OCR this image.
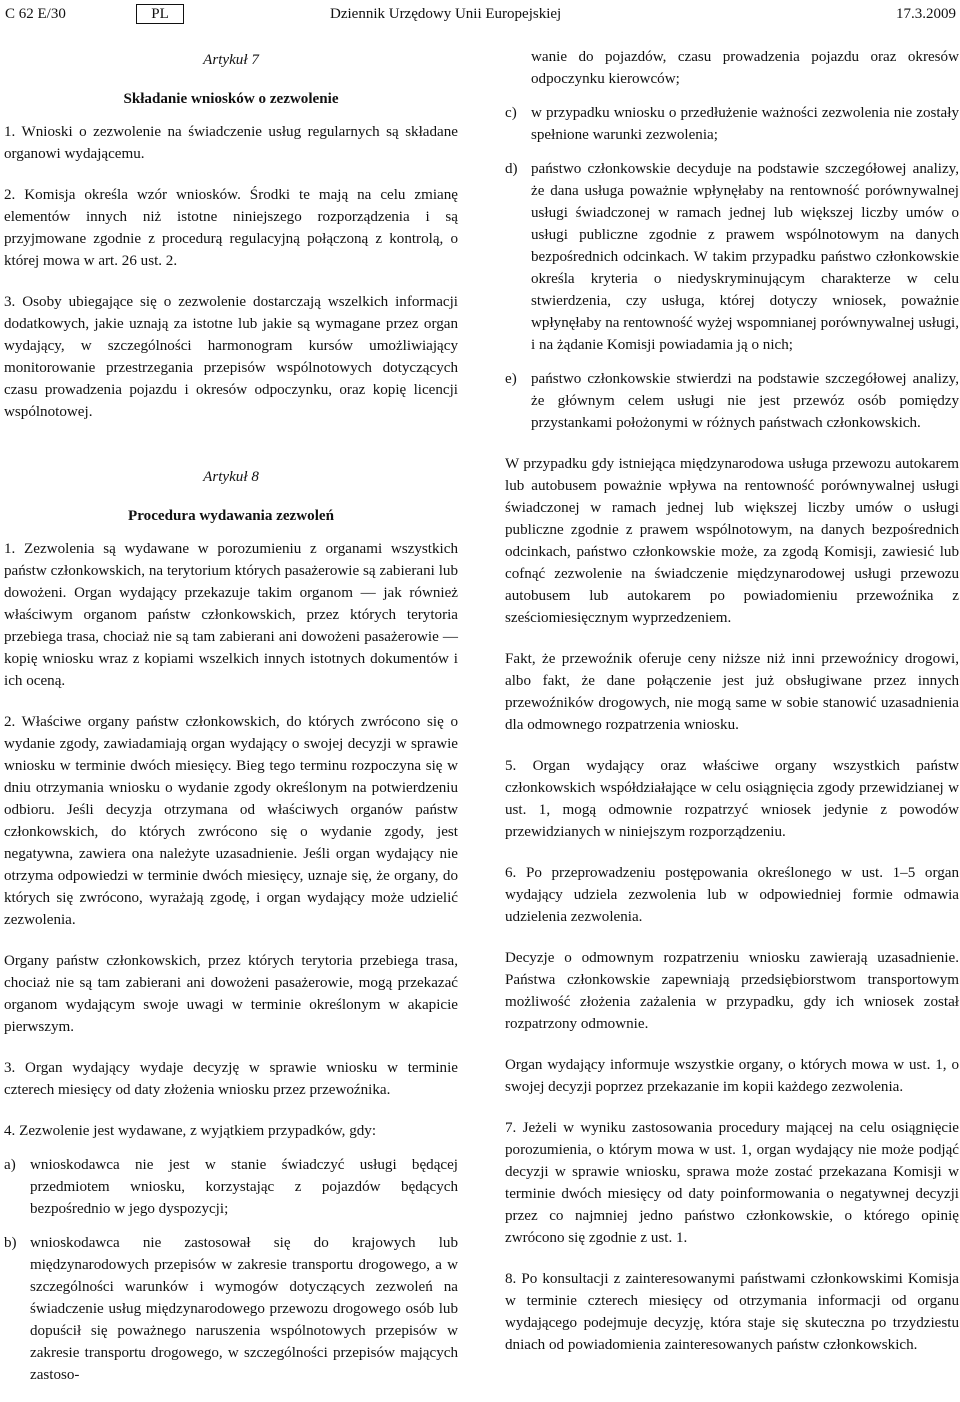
C 62 E/30	PL	Dziennik Urzędowy Unii Europejskiej	17.3.2009

Artykuł 7

Składanie wniosków o zezwolenie

1. Wnioski o zezwolenie na świadczenie usług regularnych są składane organowi wydającemu.

2. Komisja określa wzór wniosków. Środki te mają na celu zmianę elementów innych niż istotne niniejszego rozporządzenia i są przyjmowane zgodnie z procedurą regulacyjną połączoną z kontrolą, o której mowa w art. 26 ust. 2.

3. Osoby ubiegające się o zezwolenie dostarczają wszelkich informacji dodatkowych, jakie uznają za istotne lub jakie są wymagane przez organ wydający, w szczególności harmonogram kursów umożliwiający monitorowanie przestrzegania przepisów wspólnotowych dotyczących czasu prowadzenia pojazdu i okresów odpoczynku, oraz kopię licencji wspólnotowej.

Artykuł 8

Procedura wydawania zezwoleń

1. Zezwolenia są wydawane w porozumieniu z organami wszystkich państw członkowskich, na terytorium których pasażerowie są zabierani lub dowożeni. Organ wydający przekazuje takim organom — jak również właściwym organom państw członkowskich, przez których terytoria przebiega trasa, chociaż nie są tam zabierani ani dowożeni pasażerowie — kopię wniosku wraz z kopiami wszelkich innych istotnych dokumentów i ich oceną.

2. Właściwe organy państw członkowskich, do których zwrócono się o wydanie zgody, zawiadamiają organ wydający o swojej decyzji w sprawie wniosku w terminie dwóch miesięcy. Bieg tego terminu rozpoczyna się w dniu otrzymania wniosku o wydanie zgody określonym na potwierdzeniu odbioru. Jeśli decyzja otrzymana od właściwych organów państw członkowskich, do których zwrócono się o wydanie zgody, jest negatywna, zawiera ona należyte uzasadnienie. Jeśli organ wydający nie otrzyma odpowiedzi w terminie dwóch miesięcy, uznaje się, że organy, do których się zwrócono, wyrażają zgodę, i organ wydający może udzielić zezwolenia.

Organy państw członkowskich, przez których terytoria przebiega trasa, chociaż nie są tam zabierani ani dowożeni pasażerowie, mogą przekazać organom wydającym swoje uwagi w terminie określonym w akapicie pierwszym.

3. Organ wydający wydaje decyzję w sprawie wniosku w terminie czterech miesięcy od daty złożenia wniosku przez przewoźnika.

4. Zezwolenie jest wydawane, z wyjątkiem przypadków, gdy:

a) wnioskodawca nie jest w stanie świadczyć usługi będącej przedmiotem wniosku, korzystając z pojazdów będących bezpośrednio w jego dyspozycji;
b) wnioskodawca nie zastosował się do krajowych lub międzynarodowych przepisów w zakresie transportu drogowego, a w szczególności warunków i wymogów dotyczących zezwoleń na świadczenie usług międzynarodowego przewozu drogowego osób lub dopuścił się poważnego naruszenia wspólnotowych przepisów w zakresie transportu drogowego, w szczególności przepisów mających zastoso-
wanie do pojazdów, czasu prowadzenia pojazdu oraz okresów odpoczynku kierowców;
c) w przypadku wniosku o przedłużenie ważności zezwolenia nie zostały spełnione warunki zezwolenia;
d) państwo członkowskie decyduje na podstawie szczegółowej analizy, że dana usługa poważnie wpłynęłaby na rentowność porównywalnej usługi świadczonej w ramach jednej lub większej liczby umów o usługi publiczne zgodnie z prawem wspólnotowym na danych bezpośrednich odcinkach. W takim przypadku państwo członkowskie określa kryteria o niedyskryminującym charakterze w celu stwierdzenia, czy usługa, której dotyczy wniosek, poważnie wpłynęłaby na rentowność wyżej wspomnianej porównywalnej usługi, i na żądanie Komisji powiadamia ją o nich;
e) państwo członkowskie stwierdzi na podstawie szczegółowej analizy, że głównym celem usługi nie jest przewóz osób pomiędzy przystankami położonymi w różnych państwach członkowskich.

W przypadku gdy istniejąca międzynarodowa usługa przewozu autokarem lub autobusem poważnie wpływa na rentowność porównywalnej usługi świadczonej w ramach jednej lub większej liczby umów o usługi publiczne zgodnie z prawem wspólnotowym, na danych bezpośrednich odcinkach, państwo członkowskie może, za zgodą Komisji, zawiesić lub cofnąć zezwolenie na świadczenie międzynarodowej usługi przewozu autobusem lub autokarem po powiadomieniu przewoźnika z sześciomiesięcznym wyprzedzeniem.

Fakt, że przewoźnik oferuje ceny niższe niż inni przewoźnicy drogowi, albo fakt, że dane połączenie jest już obsługiwane przez innych przewoźników drogowych, nie mogą same w sobie stanowić uzasadnienia dla odmownego rozpatrzenia wniosku.

5. Organ wydający oraz właściwe organy wszystkich państw członkowskich współdziałające w celu osiągnięcia zgody przewidzianej w ust. 1, mogą odmownie rozpatrzyć wniosek jedynie z powodów przewidzianych w niniejszym rozporządzeniu.

6. Po przeprowadzeniu postępowania określonego w ust. 1–5 organ wydający udziela zezwolenia lub w odpowiedniej formie odmawia udzielenia zezwolenia.

Decyzje o odmownym rozpatrzeniu wniosku zawierają uzasadnienie. Państwa członkowskie zapewniają przedsiębiorstwom transportowym możliwość złożenia zażalenia w przypadku, gdy ich wniosek został rozpatrzony odmownie.

Organ wydający informuje wszystkie organy, o których mowa w ust. 1, o swojej decyzji poprzez przekazanie im kopii każdego zezwolenia.

7. Jeżeli w wyniku zastosowania procedury mającej na celu osiągnięcie porozumienia, o którym mowa w ust. 1, organ wydający nie może podjąć decyzji w sprawie wniosku, sprawa może zostać przekazana Komisji w terminie dwóch miesięcy od daty poinformowania o negatywnej decyzji przez co najmniej jedno państwo członkowskie, o którego opinię zwrócono się zgodnie z ust. 1.

8. Po konsultacji z zainteresowanymi państwami członkowskimi Komisja w terminie czterech miesięcy od otrzymania informacji od organu wydającego podejmuje decyzję, która staje się skuteczna po trzydziestu dniach od powiadomienia zainteresowanych państw członkowskich.
